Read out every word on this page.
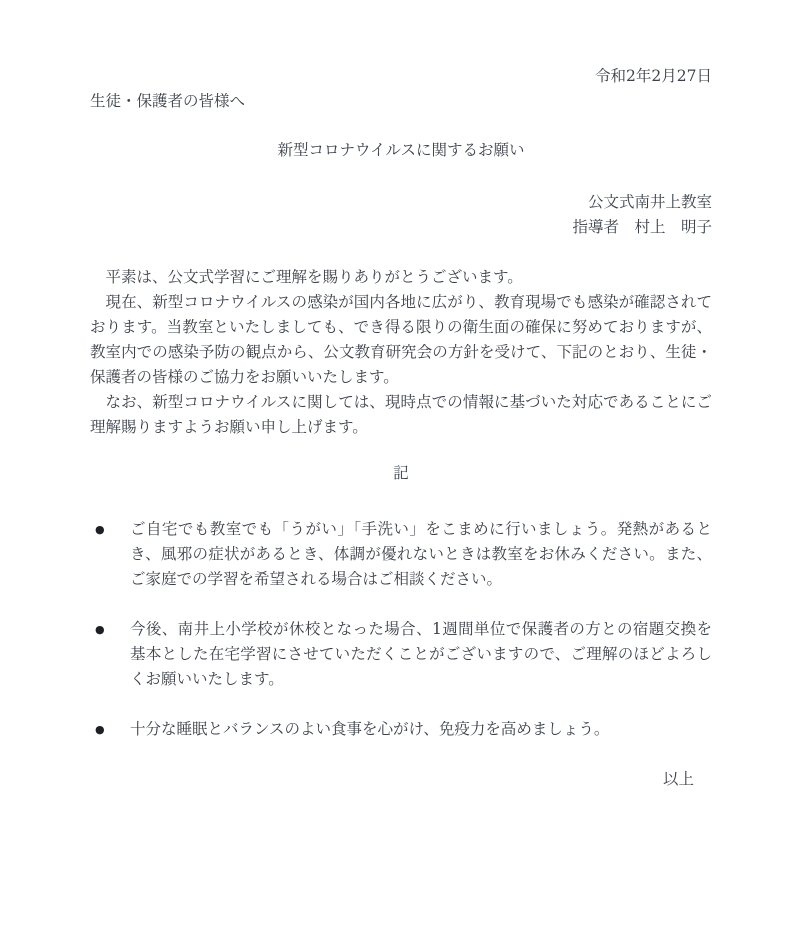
令和2年2月27日
生徒・保護者の皆様へ
新型コロナウイルスに関するお願い
公文式南井上教室
指導者　村上　明子

平素は、公文式学習にご理解を賜りありがとうございます。

現在、新型コロナウイルスの感染が国内各地に広がり、教育現場でも感染が確認されております。当教室といたしましても、でき得る限りの衛生面の確保に努めておりますが、教室内での感染予防の観点から、公文教育研究会の方針を受けて、下記のとおり、生徒・保護者の皆様のご協力をお願いいたします。

なお、新型コロナウイルスに関しては、現時点での情報に基づいた対応であることにご理解賜りますようお願い申し上げます。

記
●	ご自宅でも教室でも「うがい」「手洗い」をこまめに行いましょう。発熱があるとき、風邪の症状があるとき、体調が優れないときは教室をお休みください。また、ご家庭での学習を希望される場合はご相談ください。
●	今後、南井上小学校が休校となった場合、1週間単位で保護者の方との宿題交換を基本とした在宅学習にさせていただくことがございますので、ご理解のほどよろしくお願いいたします。
●	十分な睡眠とバランスのよい食事を心がけ、免疫力を高めましょう。
以上
